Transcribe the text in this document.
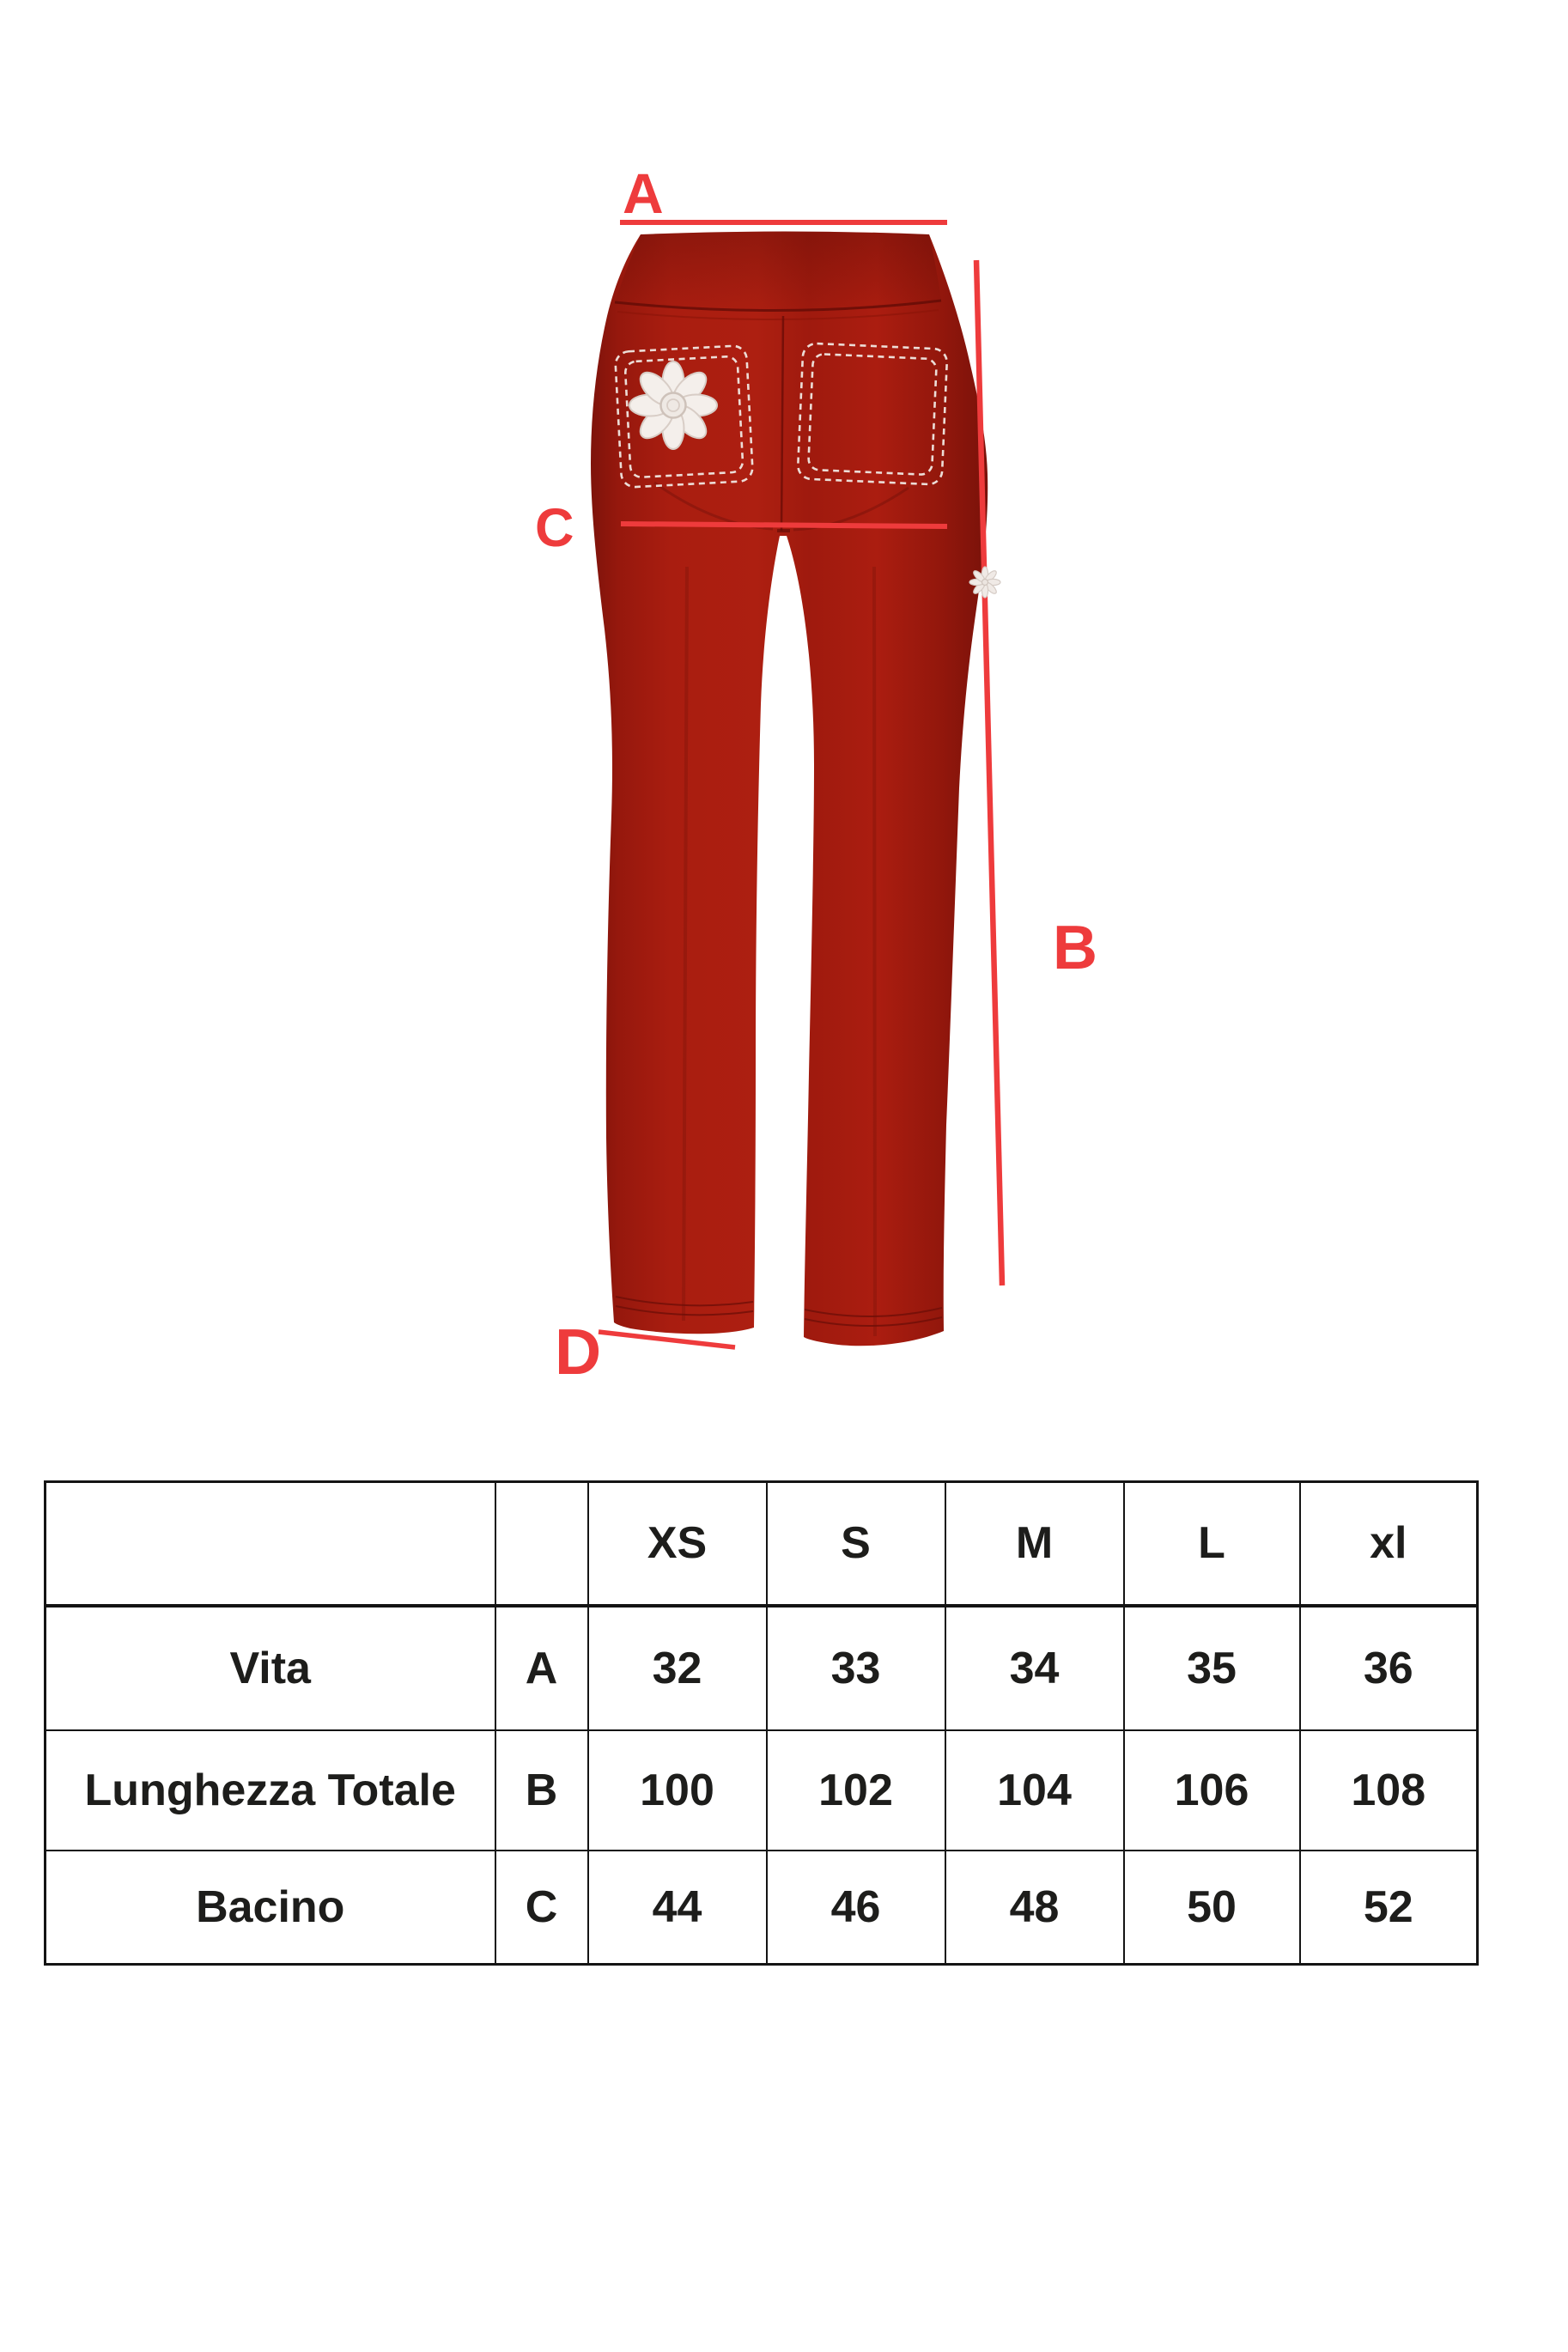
A
C
B
D
		XS	S	M	L	xl
Vita	A	32	33	34	35	36
Lunghezza Totale	B	100	102	104	106	108
Bacino	C	44	46	48	50	52
